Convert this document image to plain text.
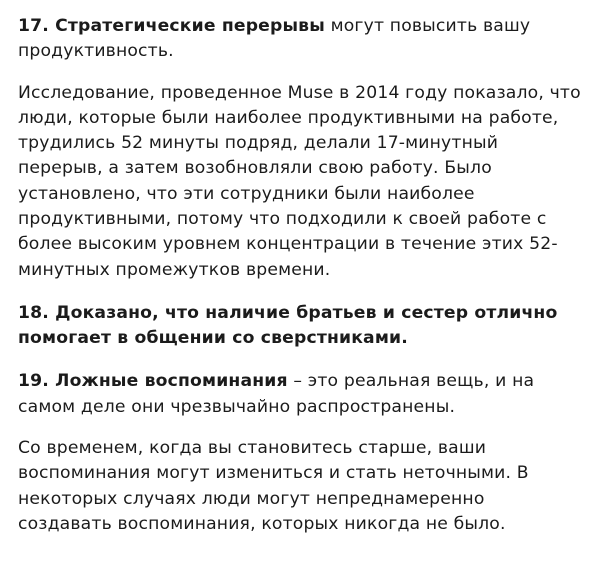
17. Стратегические перерывы могут повысить вашу продуктивность.

Исследование, проведенное Muse в 2014 году показало, что люди, которые были наиболее продуктивными на работе, трудились 52 минуты подряд, делали 17-минутный перерыв, а затем возобновляли свою работу. Было установлено, что эти сотрудники были наиболее продуктивными, потому что подходили к своей работе с более высоким уровнем концентрации в течение этих 52-минутных промежутков времени.

18. Доказано, что наличие братьев и сестер отлично помогает в общении со сверстниками.

19. Ложные воспоминания – это реальная вещь, и на самом деле они чрезвычайно распространены.

Со временем, когда вы становитесь старше, ваши воспоминания могут измениться и стать неточными. В некоторых случаях люди могут непреднамеренно создавать воспоминания, которых никогда не было.
